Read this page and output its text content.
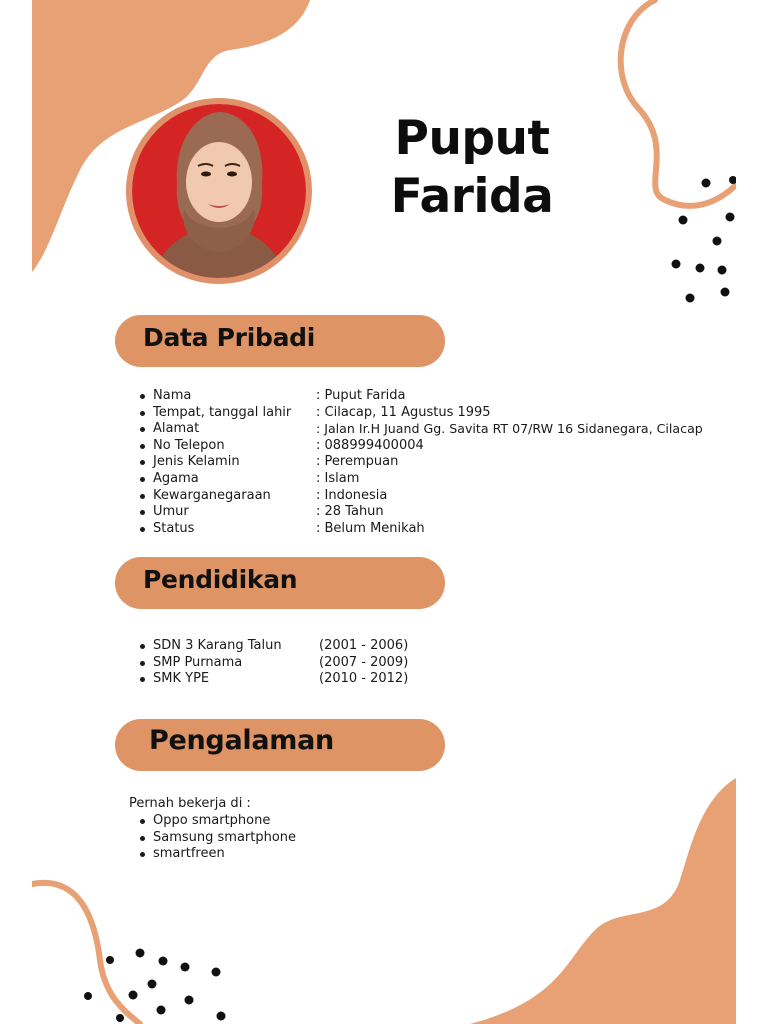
Puput
Farida
Data Pribadi
Nama	: Puput Farida
Tempat, tanggal lahir : Cilacap, 11 Agustus 1995
Alamat	: Jalan Ir.H Juand Gg. Savita RT 07/RW 16 Sidanegara, Cilacap
No Telepon	: 088999400004
Jenis Kelamin	: Perempuan
Agama	: Islam
Kewarganegaraan	: Indonesia
Umur	: 28 Tahun
Status	: Belum Menikah
Pendidikan
SDN 3 Karang Talun	(2001 - 2006)
SMP Purnama	(2007 - 2009)
SMK YPE	(2010 - 2012)
Pengalaman
Pernah bekerja di :
Oppo smartphone
Samsung smartphone
smartfreen
